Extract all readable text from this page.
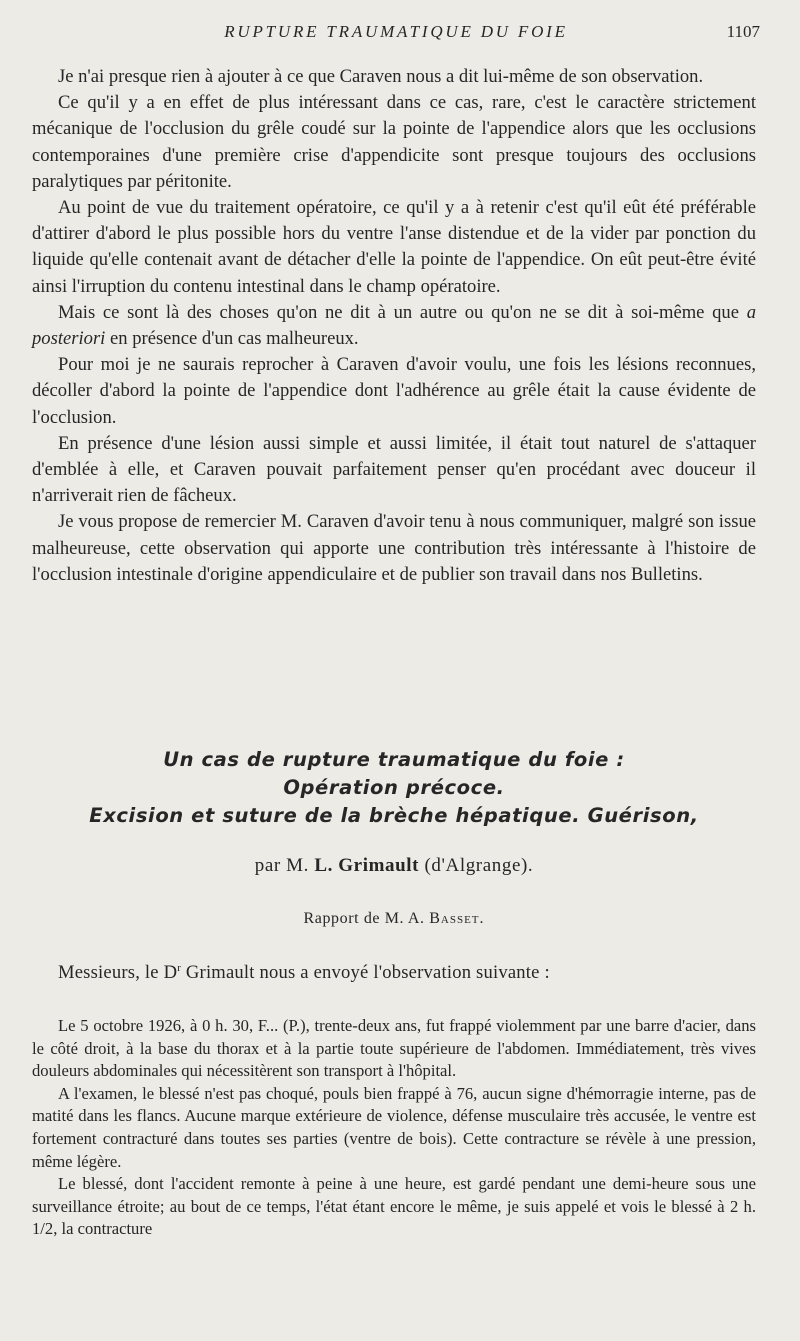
RUPTURE TRAUMATIQUE DU FOIE	1107

Je n'ai presque rien à ajouter à ce que Caraven nous a dit lui-même de son observation.

Ce qu'il y a en effet de plus intéressant dans ce cas, rare, c'est le caractère strictement mécanique de l'occlusion du grêle coudé sur la pointe de l'appendice alors que les occlusions contemporaines d'une première crise d'appendicite sont presque toujours des occlusions paralytiques par péritonite.

Au point de vue du traitement opératoire, ce qu'il y a à retenir c'est qu'il eût été préférable d'attirer d'abord le plus possible hors du ventre l'anse distendue et de la vider par ponction du liquide qu'elle contenait avant de détacher d'elle la pointe de l'appendice. On eût peut-être évité ainsi l'irruption du contenu intestinal dans le champ opératoire.

Mais ce sont là des choses qu'on ne dit à un autre ou qu'on ne se dit à soi-même que a posteriori en présence d'un cas malheureux.

Pour moi je ne saurais reprocher à Caraven d'avoir voulu, une fois les lésions reconnues, décoller d'abord la pointe de l'appendice dont l'adhérence au grêle était la cause évidente de l'occlusion.

En présence d'une lésion aussi simple et aussi limitée, il était tout naturel de s'attaquer d'emblée à elle, et Caraven pouvait parfaitement penser qu'en procédant avec douceur il n'arriverait rien de fâcheux.

Je vous propose de remercier M. Caraven d'avoir tenu à nous communiquer, malgré son issue malheureuse, cette observation qui apporte une contribution très intéressante à l'histoire de l'occlusion intestinale d'origine appendiculaire et de publier son travail dans nos Bulletins.

Un cas de rupture traumatique du foie :
Opération précoce.
Excision et suture de la brèche hépatique. Guérison,
par M. L. Grimault (d'Algrange).
Rapport de M. A. Basset.
Messieurs, le $D^r$ Grimault nous a envoyé l'observation suivante :

Le 5 octobre 1926, à 0 h. 30, F... (P.), trente-deux ans, fut frappé violemment par une barre d'acier, dans le côté droit, à la base du thorax et à la partie toute supérieure de l'abdomen. Immédiatement, très vives douleurs abdominales qui nécessitèrent son transport à l'hôpital.

A l'examen, le blessé n'est pas choqué, pouls bien frappé à 76, aucun signe d'hémorragie interne, pas de matité dans les flancs. Aucune marque extérieure de violence, défense musculaire très accusée, le ventre est fortement contracturé dans toutes ses parties (ventre de bois). Cette contracture se révèle à une pression, même légère.

Le blessé, dont l'accident remonte à peine à une heure, est gardé pendant une demi-heure sous une surveillance étroite; au bout de ce temps, l'état étant encore le même, je suis appelé et vois le blessé à 2 h. 1/2, la contracture
